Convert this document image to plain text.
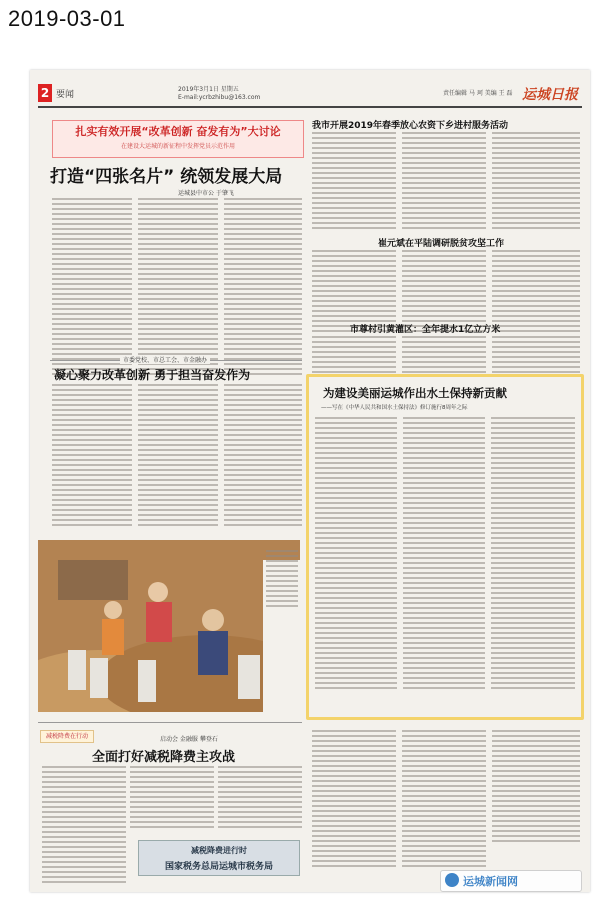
2019-03-01
2 要闻
2019年3月1日 星期五
E-mail:ycrbzhibu@163.com
责任编辑 马 珂 美编 王 磊 运城日报
扎实有效开展“改革创新 奋发有为”大讨论
在建设大运城的新征程中发挥党员示范作用
打造“四张名片” 统领发展大局
运城县中市公 于肇飞
市委党校、市总工会、市金融办
凝心聚力改革创新 勇于担当奋发作为
我市开展2019年春季放心农资下乡进村服务活动
崔元斌在平陆调研脱贫攻坚工作
市尊村引黄灌区：全年提水1亿立方米
为建设美丽运城作出水土保持新贡献
——写在《中华人民共和国水土保持法》修订施行8周年之际
减税降费在行动	启动会 金融服 攀登石
全面打好减税降费主攻战
减税降费进行时
国家税务总局运城市税务局
运城新闻网
